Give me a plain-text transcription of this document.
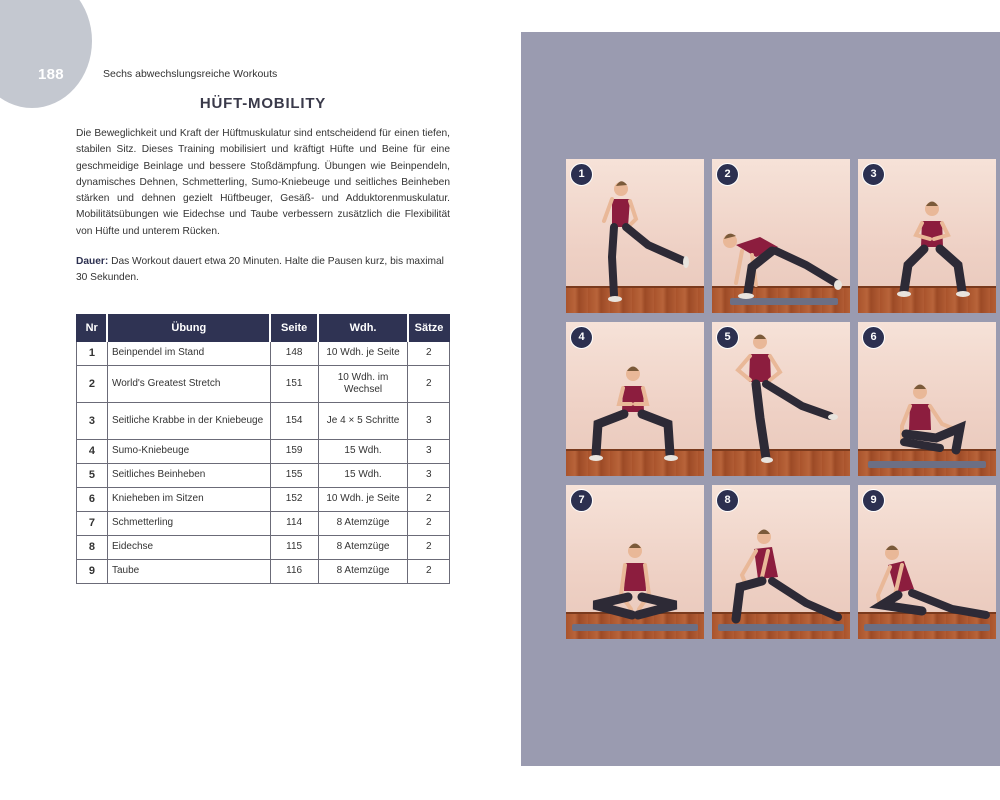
188	Sechs abwechslungsreiche Workouts
HÜFT-MOBILITY

Die Beweglichkeit und Kraft der Hüftmuskulatur sind entscheidend für einen tiefen, stabilen Sitz. Dieses Training mobilisiert und kräftigt Hüfte und Beine für eine geschmeidige Beinlage und bessere Stoßdämpfung. Übungen wie Beinpendeln, dynamisches Dehnen, Schmetterling, Sumo-Kniebeuge und seitliches Beinheben stärken und dehnen gezielt Hüftbeuger, Gesäß- und Adduktorenmuskulatur. Mobilitätsübungen wie Eidechse und Taube verbessern zusätzlich die Flexibilität von Hüfte und unterem Rücken.

Dauer: Das Workout dauert etwa 20 Minuten. Halte die Pausen kurz, bis maximal 30 Sekunden.

Nr	Übung	Seite	Wdh.	Sätze
1	Beinpendel im Stand	148	10 Wdh. je Seite	2
2	World's Greatest Stretch	151	10 Wdh. im Wechsel	2
3	Seitliche Krabbe in der Kniebeuge	154	Je 4 × 5 Schritte	3
4	Sumo-Kniebeuge	159	15 Wdh.	3
5	Seitliches Beinheben	155	15 Wdh.	3
6	Knieheben im Sitzen	152	10 Wdh. je Seite	2
7	Schmetterling	114	8 Atemzüge	2
8	Eidechse	115	8 Atemzüge	2
9	Taube	116	8 Atemzüge	2
1	2	3
4	5	6
7	8	9
